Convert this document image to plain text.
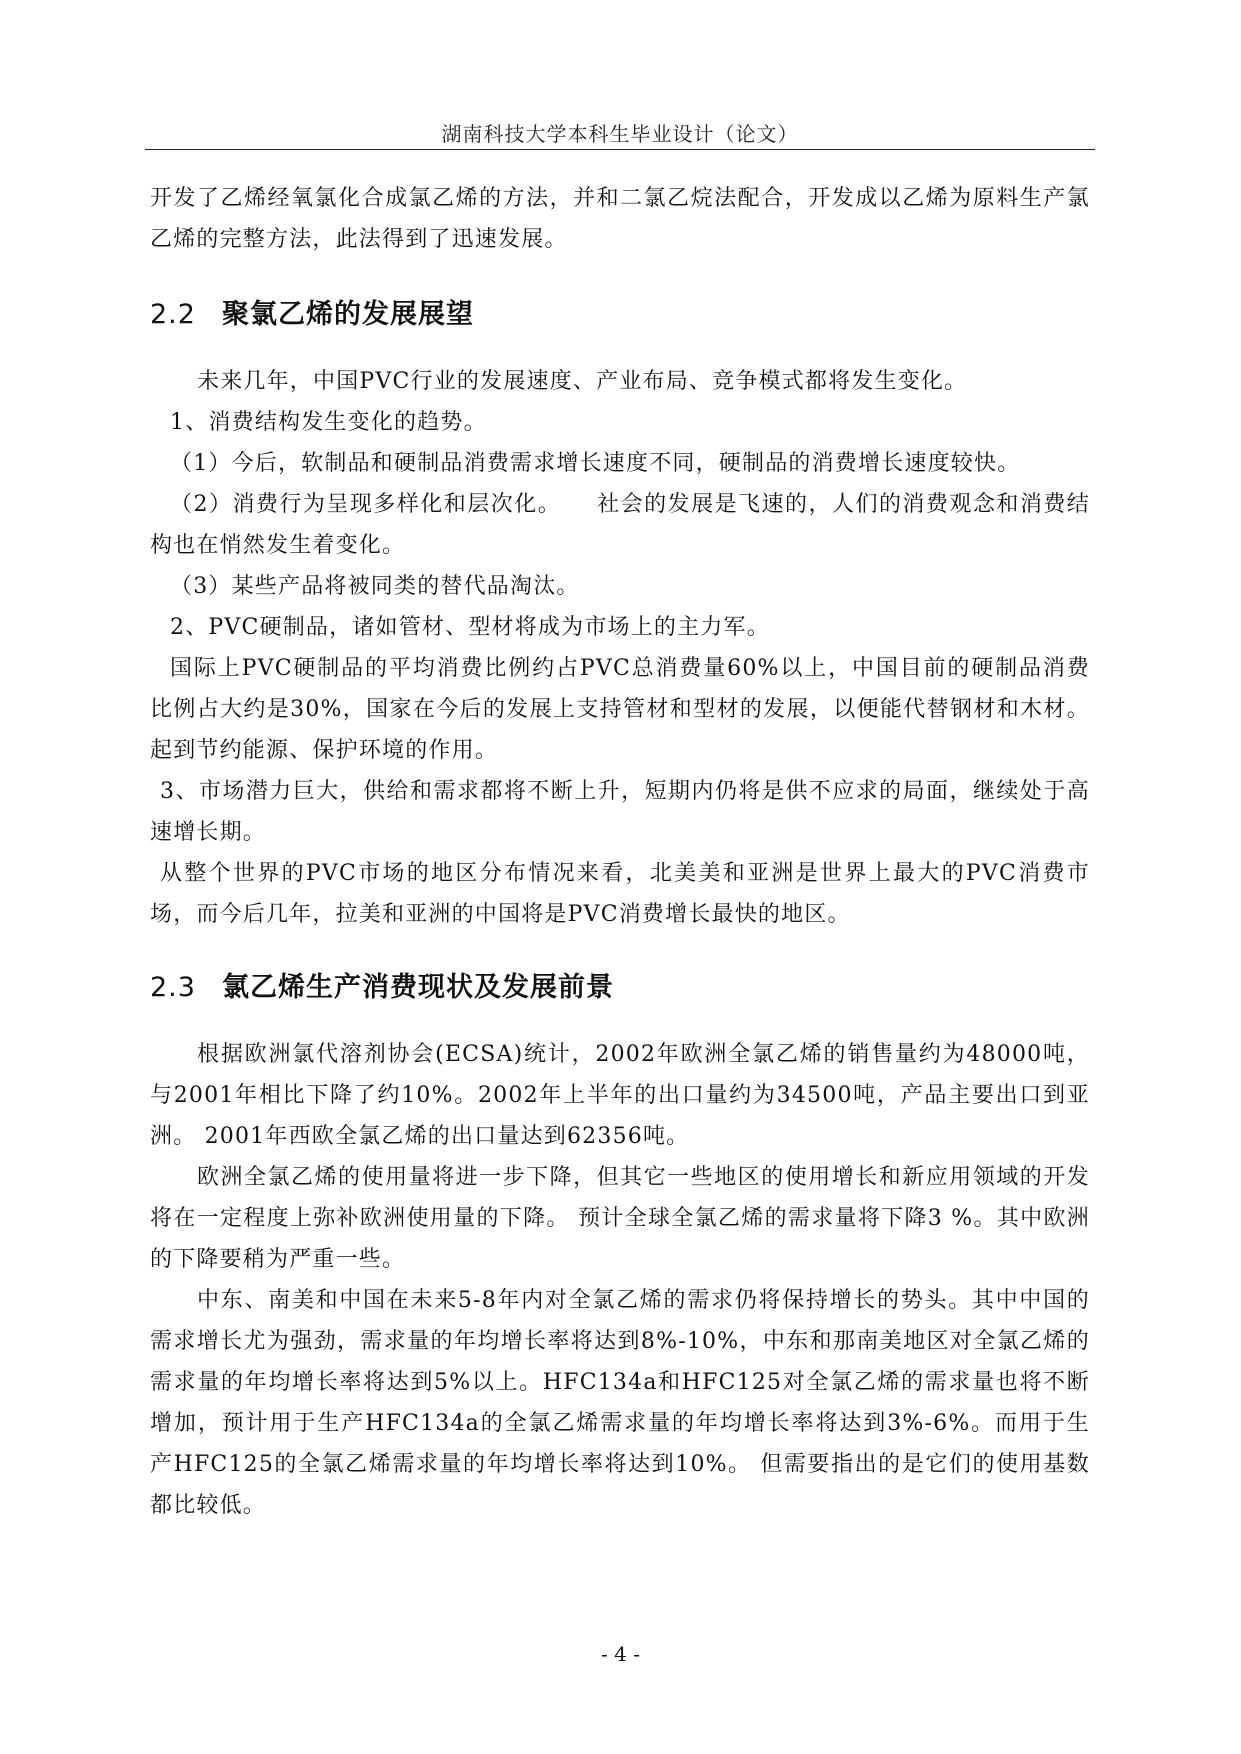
湖南科技大学本科生毕业设计（论文）

开发了乙烯经氧氯化合成氯乙烯的方法，并和二氯乙烷法配合，开发成以乙烯为原料生产氯乙烯的完整方法，此法得到了迅速发展。

2.2 聚氯乙烯的发展展望

未来几年，中国PVC行业的发展速度、产业布局、竞争模式都将发生变化。

1、消费结构发生变化的趋势。

（1）今后，软制品和硬制品消费需求增长速度不同，硬制品的消费增长速度较快。

（2）消费行为呈现多样化和层次化。　　社会的发展是飞速的，人们的消费观念和消费结构也在悄然发生着变化。

（3）某些产品将被同类的替代品淘汰。

2、PVC硬制品，诸如管材、型材将成为市场上的主力军。

国际上PVC硬制品的平均消费比例约占PVC总消费量60%以上，中国目前的硬制品消费比例占大约是30%，国家在今后的发展上支持管材和型材的发展，以便能代替钢材和木材。起到节约能源、保护环境的作用。

3、市场潜力巨大，供给和需求都将不断上升，短期内仍将是供不应求的局面，继续处于高速增长期。

从整个世界的PVC市场的地区分布情况来看，北美美和亚洲是世界上最大的PVC消费市场，而今后几年，拉美和亚洲的中国将是PVC消费增长最快的地区。

2.3 氯乙烯生产消费现状及发展前景

根据欧洲氯代溶剂协会(ECSA)统计，2002年欧洲全氯乙烯的销售量约为48000吨，与2001年相比下降了约10%。2002年上半年的出口量约为34500吨，产品主要出口到亚洲。 2001年西欧全氯乙烯的出口量达到62356吨。

欧洲全氯乙烯的使用量将进一步下降，但其它一些地区的使用增长和新应用领域的开发将在一定程度上弥补欧洲使用量的下降。 预计全球全氯乙烯的需求量将下降3 %。其中欧洲的下降要稍为严重一些。

中东、南美和中国在未来5-8年内对全氯乙烯的需求仍将保持增长的势头。其中中国的需求增长尤为强劲，需求量的年均增长率将达到8%-10%，中东和那南美地区对全氯乙烯的需求量的年均增长率将达到5%以上。HFC134a和HFC125对全氯乙烯的需求量也将不断增加，预计用于生产HFC134a的全氯乙烯需求量的年均增长率将达到3%-6%。而用于生产HFC125的全氯乙烯需求量的年均增长率将达到10%。 但需要指出的是它们的使用基数都比较低。

- 4 -
